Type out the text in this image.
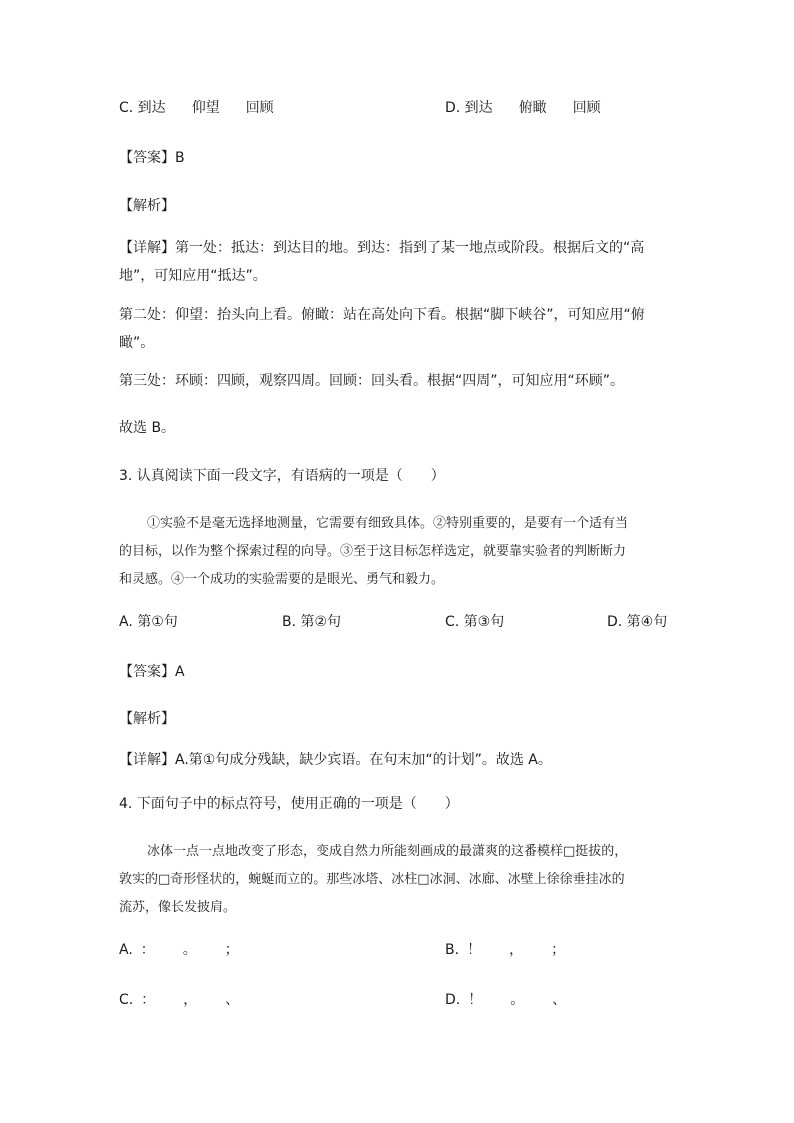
C. 到达 仰望 回顾	D. 到达 俯瞰 回顾
【答案】B
【解析】
【详解】第一处：抵达：到达目的地。到达：指到了某一地点或阶段。根据后文的“高
地”，可知应用“抵达”。
第二处：仰望：抬头向上看。俯瞰：站在高处向下看。根据“脚下峡谷”，可知应用“俯
瞰”。
第三处：环顾：四顾，观察四周。回顾：回头看。根据“四周”，可知应用“环顾”。
故选 B。
3. 认真阅读下面一段文字，有语病的一项是（　　）

①实验不是毫无选择地测量，它需要有细致具体。②特别重要的，是要有一个适有当

的目标，以作为整个探索过程的向导。③至于这目标怎样选定，就要靠实验者的判断断力

和灵感。④一个成功的实验需要的是眼光、勇气和毅力。

A. 第①句	B. 第②句	C. 第③句	D. 第④句
【答案】A
【解析】
【详解】A.第①句成分残缺，缺少宾语。在句末加“的计划”。故选 A。
4. 下面句子中的标点符号，使用正确的一项是（　　）

冰体一点一点地改变了形态，变成自然力所能刻画成的最潇爽的这番模样□挺拔的，

敦实的□奇形怪状的，蜿蜒而立的。那些冰塔、冰柱□冰洞、冰廊、冰壁上徐徐垂挂冰的

流苏，像长发披肩。

A. ： 。 ；	B. ！ ， ；
C. ： ， 、	D. ！ 。 、
